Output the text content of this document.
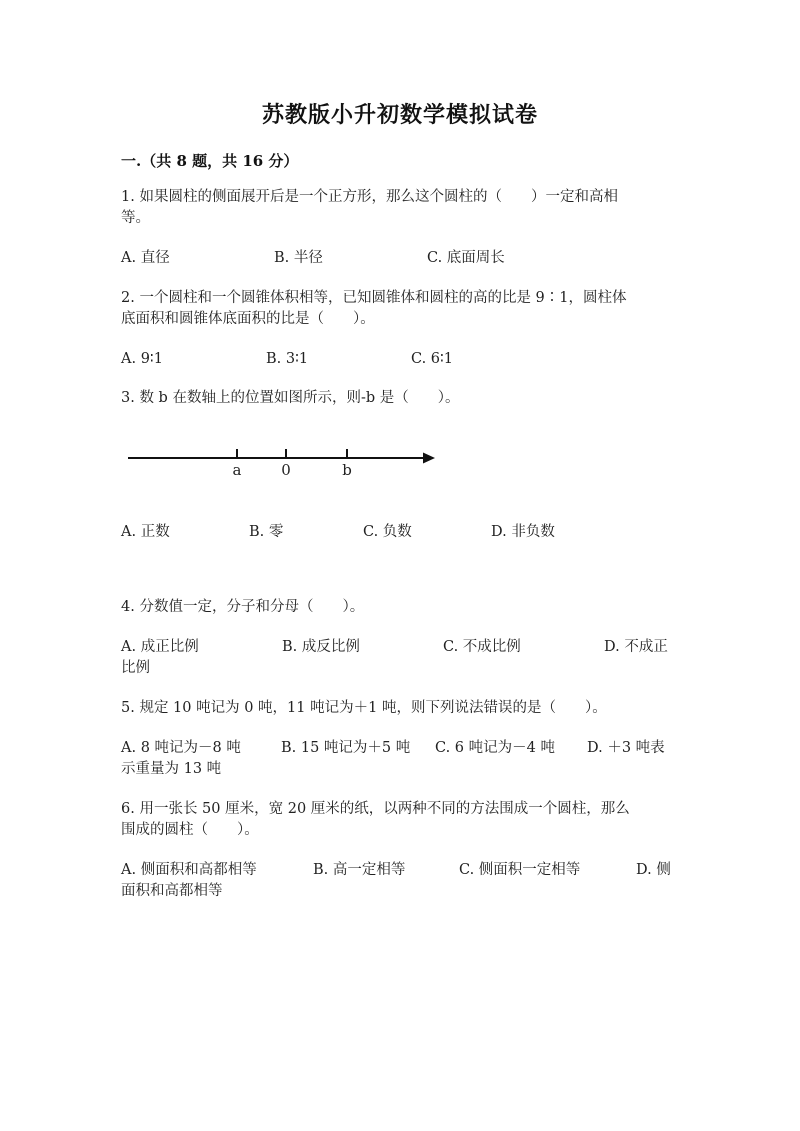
苏教版小升初数学模拟试卷
一.（共 8 题，共 16 分）
1. 如果圆柱的侧面展开后是一个正方形，那么这个圆柱的（　　）一定和高相
等。
A. 直径	B. 半径	C. 底面周长
2. 一个圆柱和一个圆锥体积相等，已知圆锥体和圆柱的高的比是 9∶1，圆柱体
底面积和圆锥体底面积的比是（　　）。
A. 9∶1	B. 3∶1	C. 6∶1
3. 数 b 在数轴上的位置如图所示，则-b 是（　　）。
a	0	b
A. 正数	B. 零	C. 负数	D. 非负数
4. 分数值一定，分子和分母（　　）。
A. 成正比例	B. 成反比例	C. 不成比例	D. 不成正
比例
5. 规定 10 吨记为 0 吨，11 吨记为＋1 吨，则下列说法错误的是（　　）。
A. 8 吨记为－8 吨	B. 15 吨记为＋5 吨 C. 6 吨记为－4 吨 D. ＋3 吨表
示重量为 13 吨
6. 用一张长 50 厘米，宽 20 厘米的纸，以两种不同的方法围成一个圆柱，那么
围成的圆柱（　　）。
A. 侧面积和高都相等	B. 高一定相等	C. 侧面积一定相等	D. 侧
面积和高都相等
